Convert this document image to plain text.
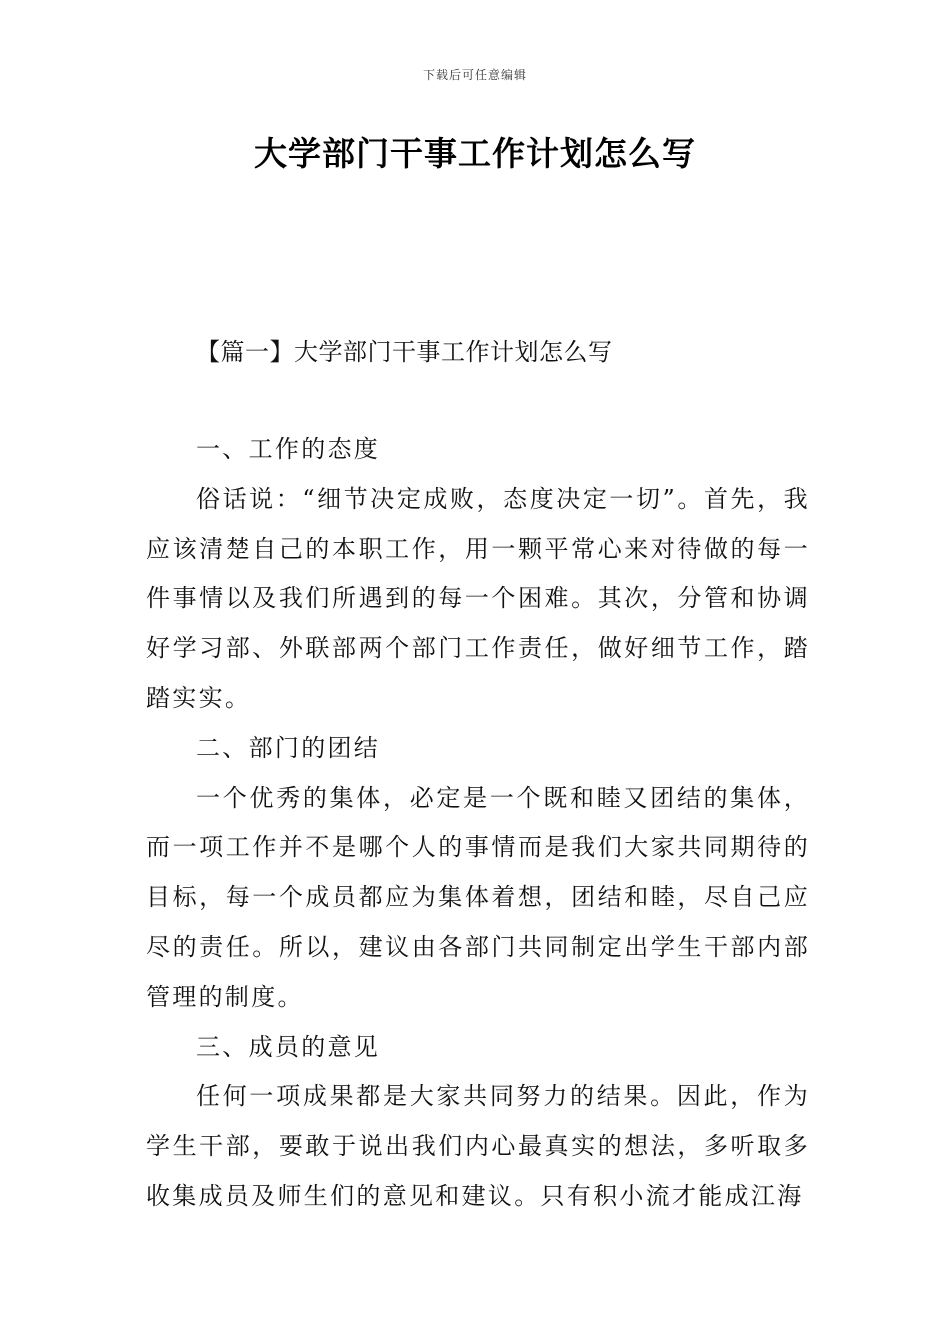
下载后可任意编辑
大学部门干事工作计划怎么写
【篇一】大学部门干事工作计划怎么写

一、工作的态度

俗话说：“细节决定成败，态度决定一切”。首先，我应该清楚自己的本职工作，用一颗平常心来对待做的每一件事情以及我们所遇到的每一个困难。其次，分管和协调好学习部、外联部两个部门工作责任，做好细节工作，踏踏实实。

二、部门的团结

一个优秀的集体，必定是一个既和睦又团结的集体，而一项工作并不是哪个人的事情而是我们大家共同期待的目标，每一个成员都应为集体着想，团结和睦，尽自己应尽的责任。所以，建议由各部门共同制定出学生干部内部管理的制度。

三、成员的意见

任何一项成果都是大家共同努力的结果。因此，作为学生干部，要敢于说出我们内心最真实的想法，多听取多收集成员及师生们的意见和建议。只有积小流才能成江海
